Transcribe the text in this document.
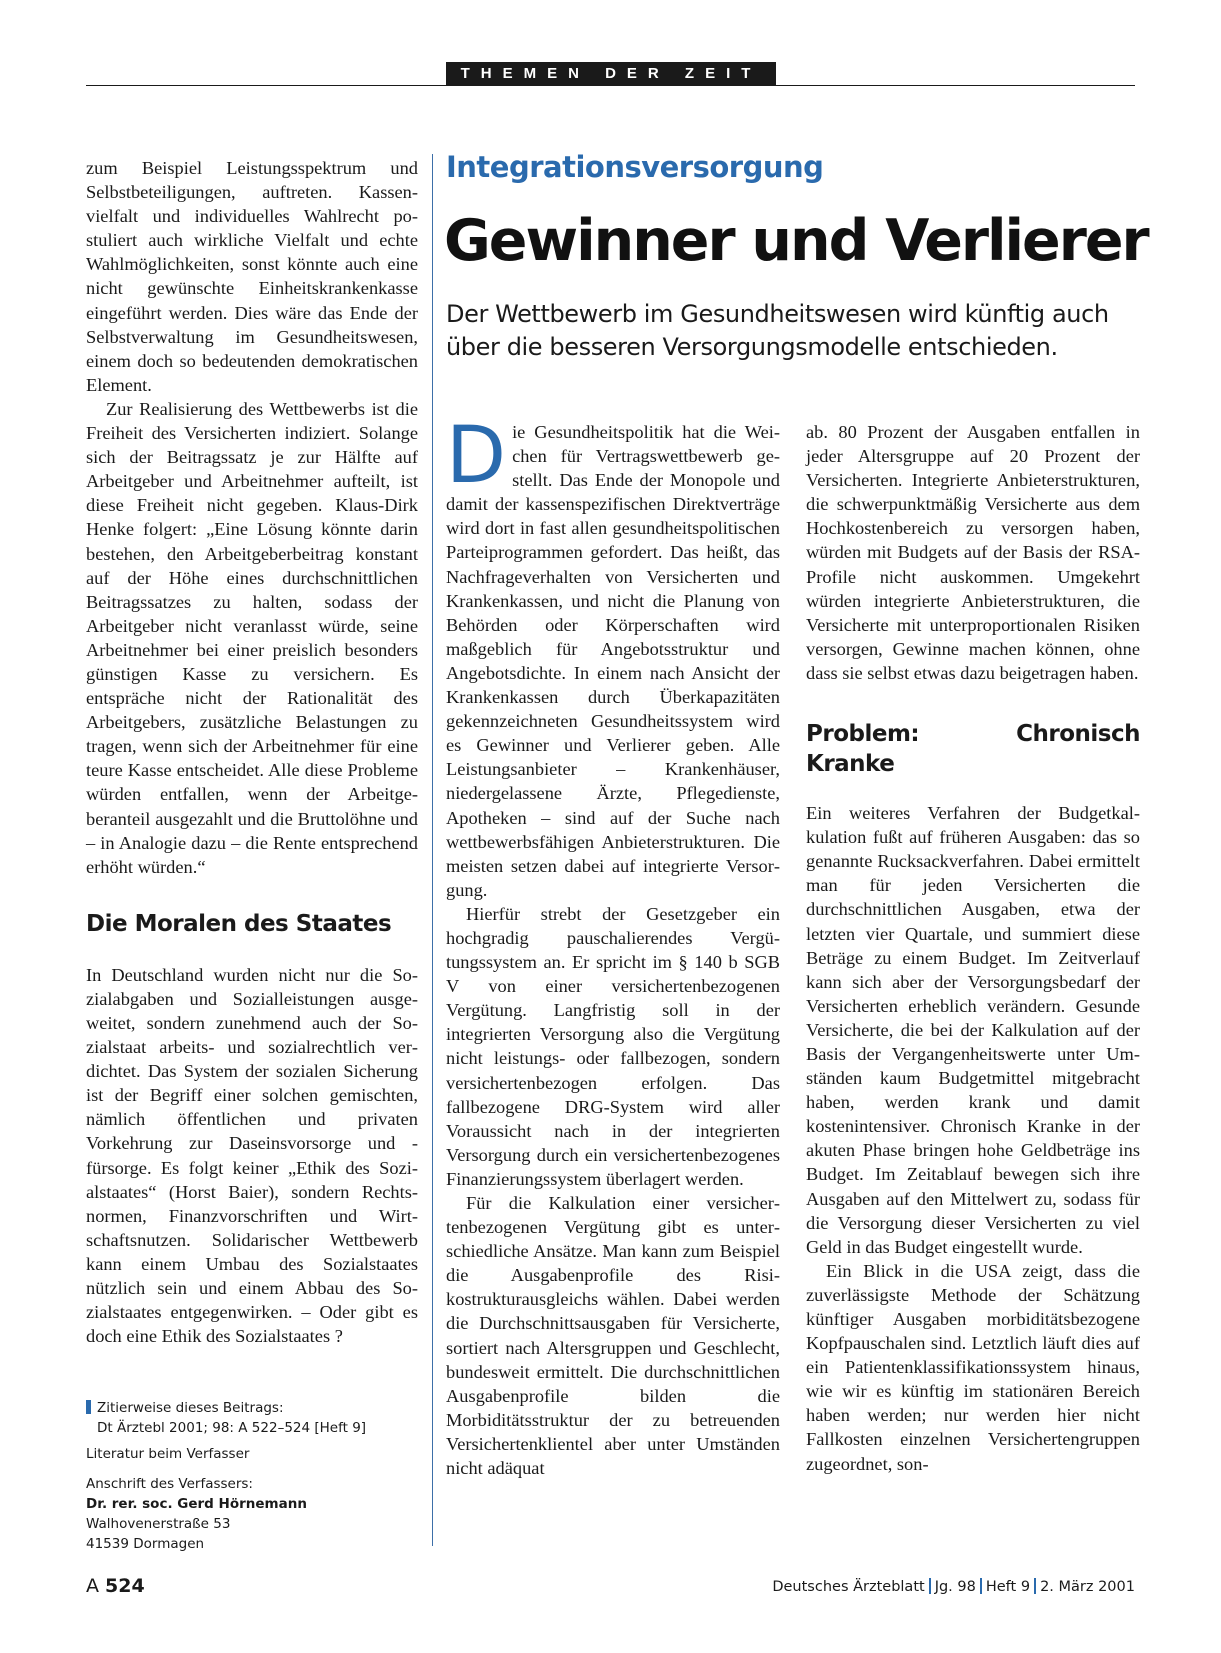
THEMEN DER ZEIT

zum Beispiel Leistungsspektrum und Selbstbeteiligungen, auftreten. Kassenvielfalt und individuelles Wahlrecht postuliert auch wirkliche Vielfalt und echte Wahlmöglichkeiten, sonst könnte auch eine nicht gewünschte Einheitskrankenkasse eingeführt werden. Dies wäre das Ende der Selbstverwaltung im Gesundheitswesen, einem doch so bedeutenden demokratischen Element.

Zur Realisierung des Wettbewerbs ist die Freiheit des Versicherten indiziert. Solange sich der Beitragssatz je zur Hälfte auf Arbeitgeber und Arbeitnehmer aufteilt, ist diese Freiheit nicht gegeben. Klaus-Dirk Henke folgert: „Eine Lösung könnte darin bestehen, den Arbeitgeberbeitrag konstant auf der Höhe eines durchschnittlichen Beitragssatzes zu halten, sodass der Arbeitgeber nicht veranlasst würde, seine Arbeitnehmer bei einer preislich besonders günstigen Kasse zu versichern. Es entspräche nicht der Rationalität des Arbeitgebers, zusätzliche Belastungen zu tragen, wenn sich der Arbeitnehmer für eine teure Kasse entscheidet. Alle diese Probleme würden entfallen, wenn der Arbeitgeberanteil ausgezahlt und die Bruttolöhne und – in Analogie dazu – die Rente entsprechend erhöht würden.“

Die Moralen des Staates

In Deutschland wurden nicht nur die Sozialabgaben und Sozialleistungen ausgeweitet, sondern zunehmend auch der Sozialstaat arbeits- und sozialrechtlich verdichtet. Das System der sozialen Sicherung ist der Begriff einer solchen gemischten, nämlich öffentlichen und privaten Vorkehrung zur Daseinsvorsorge und -fürsorge. Es folgt keiner „Ethik des Sozialstaates“ (Horst Baier), sondern Rechtsnormen, Finanzvorschriften und Wirtschaftsnutzen. Solidarischer Wettbewerb kann einem Umbau des Sozialstaates nützlich sein und einem Abbau des Sozialstaates entgegenwirken. – Oder gibt es doch eine Ethik des Sozialstaates ?

Zitierweise dieses Beitrags:

Dt Ärztebl 2001; 98: A 522–524 [Heft 9]

Literatur beim Verfasser

Anschrift des Verfassers:

Dr. rer. soc. Gerd Hörnemann

Walhovenerstraße 53

41539 Dormagen

Integrationsversorgung
Gewinner und Verlierer
Der Wettbewerb im Gesundheitswesen wird künftig auch über die besseren Versorgungsmodelle entschieden.

Die Gesundheitspolitik hat die Weichen für Vertragswettbewerb gestellt. Das Ende der Monopole und damit der kassenspezifischen Direktverträge wird dort in fast allen gesundheitspolitischen Parteiprogrammen gefordert. Das heißt, das Nachfrageverhalten von Versicherten und Krankenkassen, und nicht die Planung von Behörden oder Körperschaften wird maßgeblich für Angebotsstruktur und Angebotsdichte. In einem nach Ansicht der Krankenkassen durch Überkapazitäten gekennzeichneten Gesundheitssystem wird es Gewinner und Verlierer geben. Alle Leistungsanbieter – Krankenhäuser, niedergelassene Ärzte, Pflegedienste, Apotheken – sind auf der Suche nach wettbewerbsfähigen Anbieterstrukturen. Die meisten setzen dabei auf integrierte Versorgung.

Hierfür strebt der Gesetzgeber ein hochgradig pauschalierendes Vergütungssystem an. Er spricht im § 140 b SGB V von einer versichertenbezogenen Vergütung. Langfristig soll in der integrierten Versorgung also die Vergütung nicht leistungs- oder fallbezogen, sondern versichertenbezogen erfolgen. Das fallbezogene DRG-System wird aller Voraussicht nach in der integrierten Versorgung durch ein versichertenbezogenes Finanzierungssystem überlagert werden.

Für die Kalkulation einer versichertenbezogenen Vergütung gibt es unterschiedliche Ansätze. Man kann zum Beispiel die Ausgabenprofile des Risikostrukturausgleichs wählen. Dabei werden die Durchschnittsausgaben für Versicherte, sortiert nach Altersgruppen und Geschlecht, bundesweit ermittelt. Die durchschnittlichen Ausgabenprofile bilden die Morbiditätsstruktur der zu betreuenden Versichertenklientel aber unter Umständen nicht adäquat

ab. 80 Prozent der Ausgaben entfallen in jeder Altersgruppe auf 20 Prozent der Versicherten. Integrierte Anbieterstrukturen, die schwerpunktmäßig Versicherte aus dem Hochkostenbereich zu versorgen haben, würden mit Budgets auf der Basis der RSA-Profile nicht auskommen. Umgekehrt würden integrierte Anbieterstrukturen, die Versicherte mit unterproportionalen Risiken versorgen, Gewinne machen können, ohne dass sie selbst etwas dazu beigetragen haben.

Problem: Chronisch Kranke

Ein weiteres Verfahren der Budgetkalkulation fußt auf früheren Ausgaben: das so genannte Rucksackverfahren. Dabei ermittelt man für jeden Versicherten die durchschnittlichen Ausgaben, etwa der letzten vier Quartale, und summiert diese Beträge zu einem Budget. Im Zeitverlauf kann sich aber der Versorgungsbedarf der Versicherten erheblich verändern. Gesunde Versicherte, die bei der Kalkulation auf der Basis der Vergangenheitswerte unter Umständen kaum Budgetmittel mitgebracht haben, werden krank und damit kostenintensiver. Chronisch Kranke in der akuten Phase bringen hohe Geldbeträge ins Budget. Im Zeitablauf bewegen sich ihre Ausgaben auf den Mittelwert zu, sodass für die Versorgung dieser Versicherten zu viel Geld in das Budget eingestellt wurde.

Ein Blick in die USA zeigt, dass die zuverlässigste Methode der Schätzung künftiger Ausgaben morbiditätsbezogene Kopfpauschalen sind. Letztlich läuft dies auf ein Patientenklassifikationssystem hinaus, wie wir es künftig im stationären Bereich haben werden; nur werden hier nicht Fallkosten einzelnen Versichertengruppen zugeordnet, son-

A 524	Deutsches Ärzteblatt Jg. 98 Heft 9 2. März 2001
